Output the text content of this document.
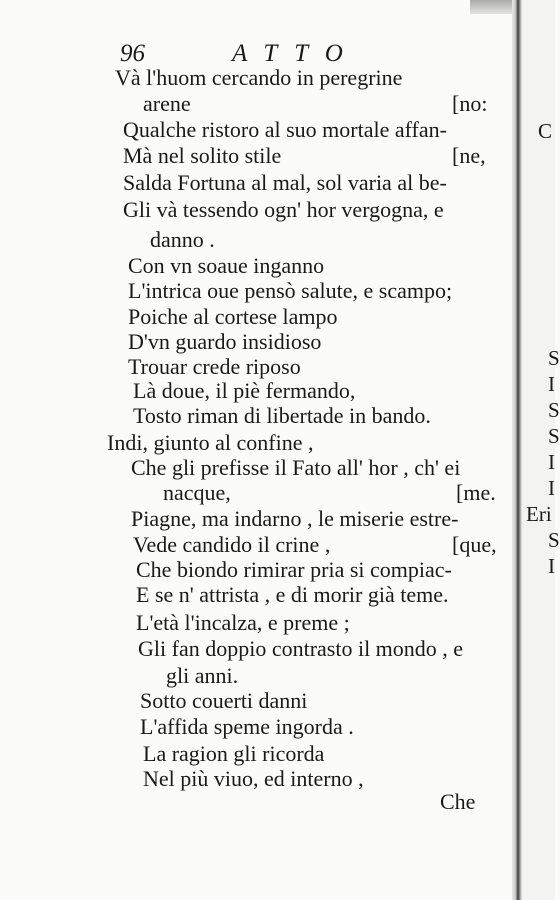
C
S
I
S
S
I
I
Eri
S
I
96	ATTO
Và l'huom cercando in peregrine
arene	[no:
Qualche ristoro al suo mortale affan-
Mà nel solito stile	[ne,
Salda Fortuna al mal, sol varia al be-
Gli và tessendo ogn' hor vergogna, e
danno .
Con vn soaue inganno
L'intrica oue pensò salute, e scampo;
Poiche al cortese lampo
D'vn guardo insidioso
Trouar crede riposo
Là doue, il piè fermando,
Tosto riman di libertade in bando.
Indi, giunto al confine ,
Che gli prefisse il Fato all' hor , ch' ei
nacque,	[me.
Piagne, ma indarno , le miserie estre-
Vede candido il crine ,	[que,
Che biondo rimirar pria si compiac-
E se n' attrista , e di morir già teme.
L'età l'incalza, e preme ;
Gli fan doppio contrasto il mondo , e
gli anni.
Sotto couerti danni
L'affida speme ingorda .
La ragion gli ricorda
Nel più viuo, ed interno ,
Che
